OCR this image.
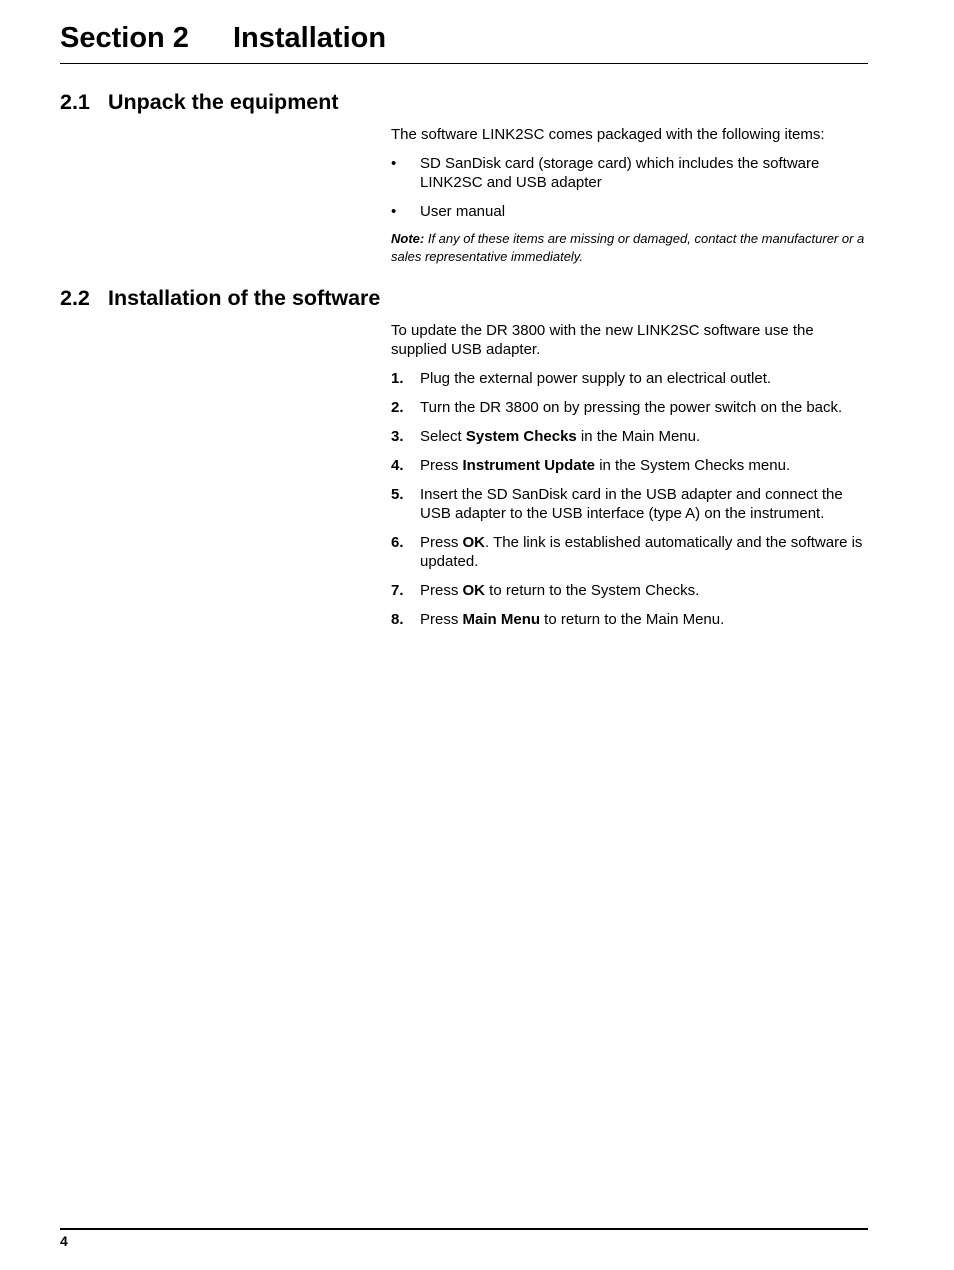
Section 2 Installation
2.1 Unpack the equipment

The software LINK2SC comes packaged with the following items:

• SD SanDisk card (storage card) which includes the software LINK2SC and USB adapter
• User manual

Note: If any of these items are missing or damaged, contact the manufacturer or a sales representative immediately.

2.2 Installation of the software

To update the DR 3800 with the new LINK2SC software use the supplied USB adapter.

1. Plug the external power supply to an electrical outlet.
2. Turn the DR 3800 on by pressing the power switch on the back.
3. Select System Checks in the Main Menu.
4. Press Instrument Update in the System Checks menu.
5. Insert the SD SanDisk card in the USB adapter and connect the USB adapter to the USB interface (type A) on the instrument.
6. Press OK. The link is established automatically and the software is updated.
7. Press OK to return to the System Checks.
8. Press Main Menu to return to the Main Menu.
4
